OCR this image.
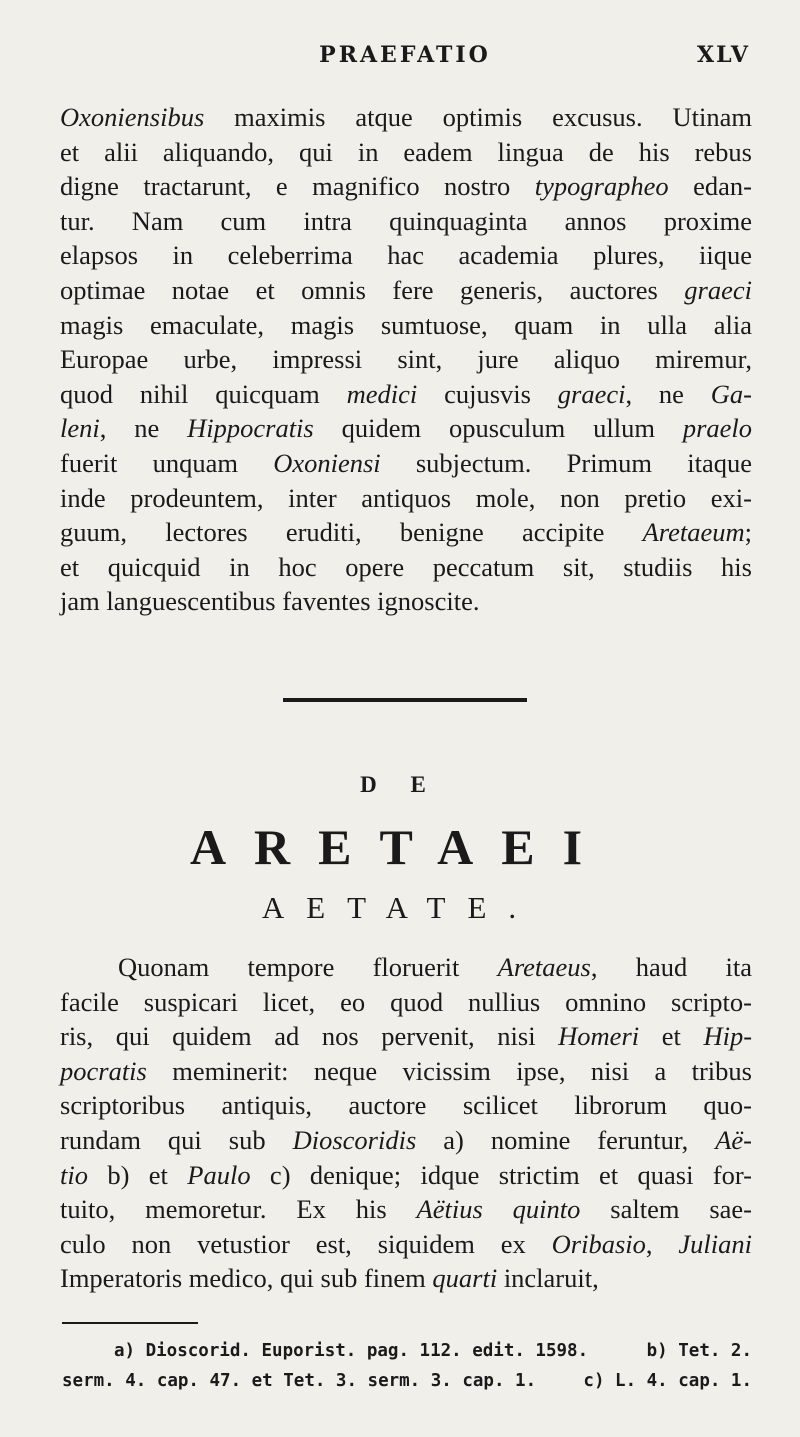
PRAEFATIO	XLV
Oxoniensibus maximis atque optimis excusus. Utinam
et alii aliquando, qui in eadem lingua de his rebus
digne tractarunt, e magnifico nostro typographeo edan-
tur. Nam cum intra quinquaginta annos proxime
elapsos in celeberrima hac academia plures, iique
optimae notae et omnis fere generis, auctores graeci
magis emaculate, magis sumtuose, quam in ulla alia
Europae urbe, impressi sint, jure aliquo miremur,
quod nihil quicquam medici cujusvis graeci, ne Ga-
leni, ne Hippocratis quidem opusculum ullum praelo
fuerit unquam Oxoniensi subjectum. Primum itaque
inde prodeuntem, inter antiquos mole, non pretio exi-
guum, lectores eruditi, benigne accipite Aretaeum;
et quicquid in hoc opere peccatum sit, studiis his
jam languescentibus faventes ignoscite.
D E
ARETAEI
AETATE.
Quonam tempore floruerit Aretaeus, haud ita
facile suspicari licet, eo quod nullius omnino scripto-
ris, qui quidem ad nos pervenit, nisi Homeri et Hip-
pocratis meminerit: neque vicissim ipse, nisi a tribus
scriptoribus antiquis, auctore scilicet librorum quo-
rundam qui sub Dioscoridis a) nomine feruntur, Aë-
tio b) et Paulo c) denique; idque strictim et quasi for-
tuito, memoretur. Ex his Aëtius quinto saltem sae-
culo non vetustior est, siquidem ex Oribasio, Juliani
Imperatoris medico, qui sub finem quarti inclaruit,
a) Dioscorid. Euporist. pag. 112. edit. 1598.	b) Tet. 2.
serm. 4. cap. 47. et Tet. 3. serm. 3. cap. 1.	c) L. 4. cap. 1.
